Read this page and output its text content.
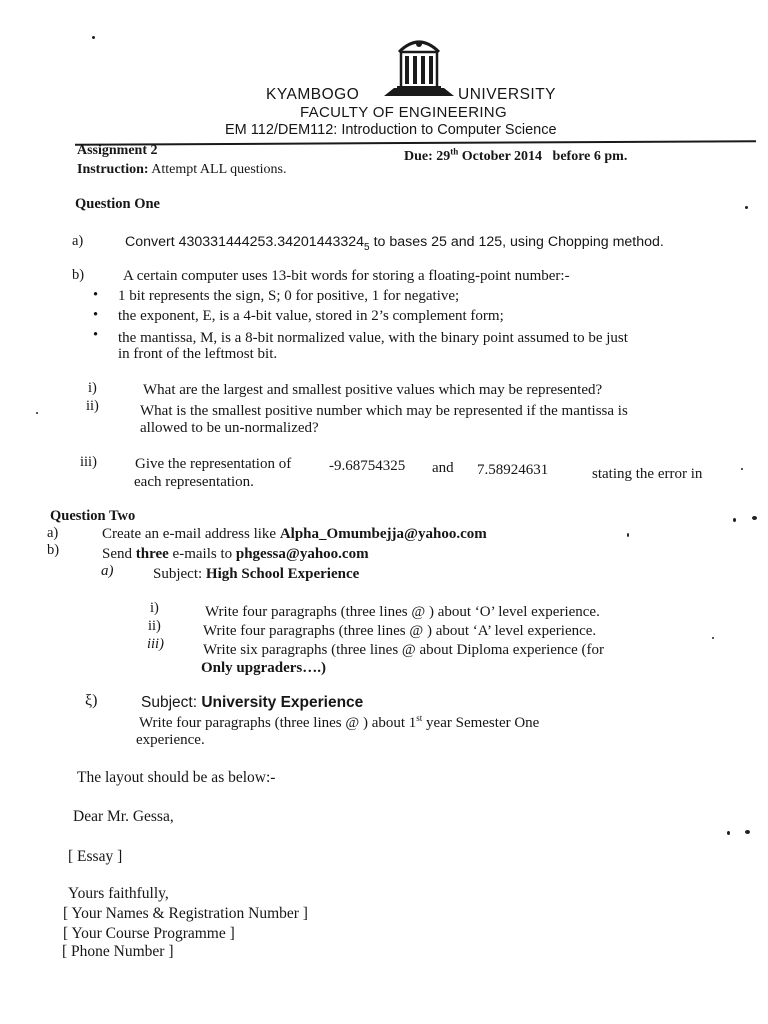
KYAMBOGO	UNIVERSITY
FACULTY OF ENGINEERING
EM 112/DEM112: Introduction to Computer Science
Assignment 2
Instruction: Attempt ALL questions.
Due: 29th October 2014 before 6 pm.
Question One
a)	Convert $430331444253.34201443324_5$ to bases 25 and 125, using Chopping method.
b)	A certain computer uses 13-bit words for storing a floating-point number:-
• 1 bit represents the sign, S; 0 for positive, 1 for negative;
• the exponent, E, is a 4-bit value, stored in 2’s complement form;
• the mantissa, M, is a 8-bit normalized value, with the binary point assumed to be just
in front of the leftmost bit.
i)	What are the largest and smallest positive values which may be represented?
ii)	What is the smallest positive number which may be represented if the mantissa is
allowed to be un-normalized?
iii)	Give the representation of	-9.68754325 and 7.58924631	stating the error in
each representation.
Question Two
a)	Create an e-mail address like Alpha_Omumbejja@yahoo.com
b)	Send three e-mails to phgessa@yahoo.com
a)	Subject: High School Experience
i)	Write four paragraphs (three lines @ ) about ‘O’ level experience.
ii)	Write four paragraphs (three lines @ ) about ‘A’ level experience.
iii)	Write six paragraphs (three lines @ about Diploma experience (for
Only upgraders….)
ξ)	Subject: University Experience
Write four paragraphs (three lines @ ) about 1st year Semester One
experience.
The layout should be as below:-
Dear Mr. Gessa,
[ Essay ]
Yours faithfully,
[ Your Names & Registration Number ]
[ Your Course Programme ]
[ Phone Number ]
